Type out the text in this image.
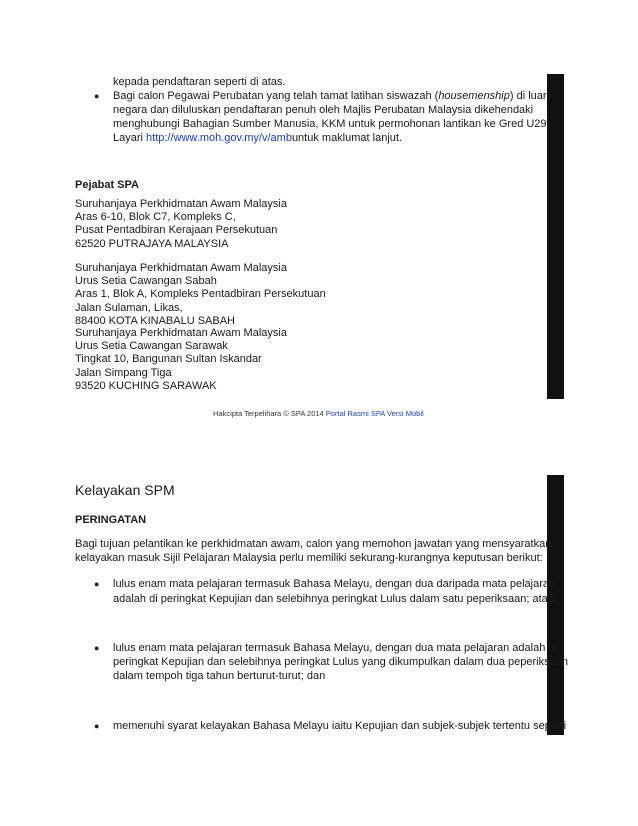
kepada pendaftaran seperti di atas.
● Bagi calon Pegawai Perubatan yang telah tamat latihan siswazah (housemenship) di luar
negara dan diluluskan pendaftaran penuh oleh Majlis Perubatan Malaysia dikehendaki
menghubungi Bahagian Sumber Manusia, KKM untuk permohonan lantikan ke Gred U29.
Layari http://www.moh.gov.my/v/ambuntuk maklumat lanjut.
Pejabat SPA
Suruhanjaya Perkhidmatan Awam Malaysia
Aras 6-10, Blok C7, Kompleks C,
Pusat Pentadbiran Kerajaan Persekutuan
62520 PUTRAJAYA MALAYSIA
Suruhanjaya Perkhidmatan Awam Malaysia
Urus Setia Cawangan Sabah
Aras 1, Blok A, Kompleks Pentadbiran Persekutuan
Jalan Sulaman, Likas,
88400 KOTA KINABALU SABAH
Suruhanjaya Perkhidmatan Awam Malaysia
Urus Setia Cawangan Sarawak
Tingkat 10, Bangunan Sultan Iskandar
Jalan Simpang Tiga
93520 KUCHING SARAWAK
Hakcipta Terpelihara © SPA 2014 Portal Rasmi SPA Versi Mobil
Kelayakan SPM
PERINGATAN
Bagi tujuan pelantikan ke perkhidmatan awam, calon yang memohon jawatan yang mensyaratkan
kelayakan masuk Sijil Pelajaran Malaysia perlu memiliki sekurang-kurangnya keputusan berikut:
● lulus enam mata pelajaran termasuk Bahasa Melayu, dengan dua daripada mata pelajaran
adalah di peringkat Kepujian dan selebihnya peringkat Lulus dalam satu peperiksaan; atau
● lulus enam mata pelajaran termasuk Bahasa Melayu, dengan dua mata pelajaran adalah di
peringkat Kepujian dan selebihnya peringkat Lulus yang dikumpulkan dalam dua peperiksaan
dalam tempoh tiga tahun berturut-turut; dan
● memenuhi syarat kelayakan Bahasa Melayu iaitu Kepujian dan subjek-subjek tertentu seperti
